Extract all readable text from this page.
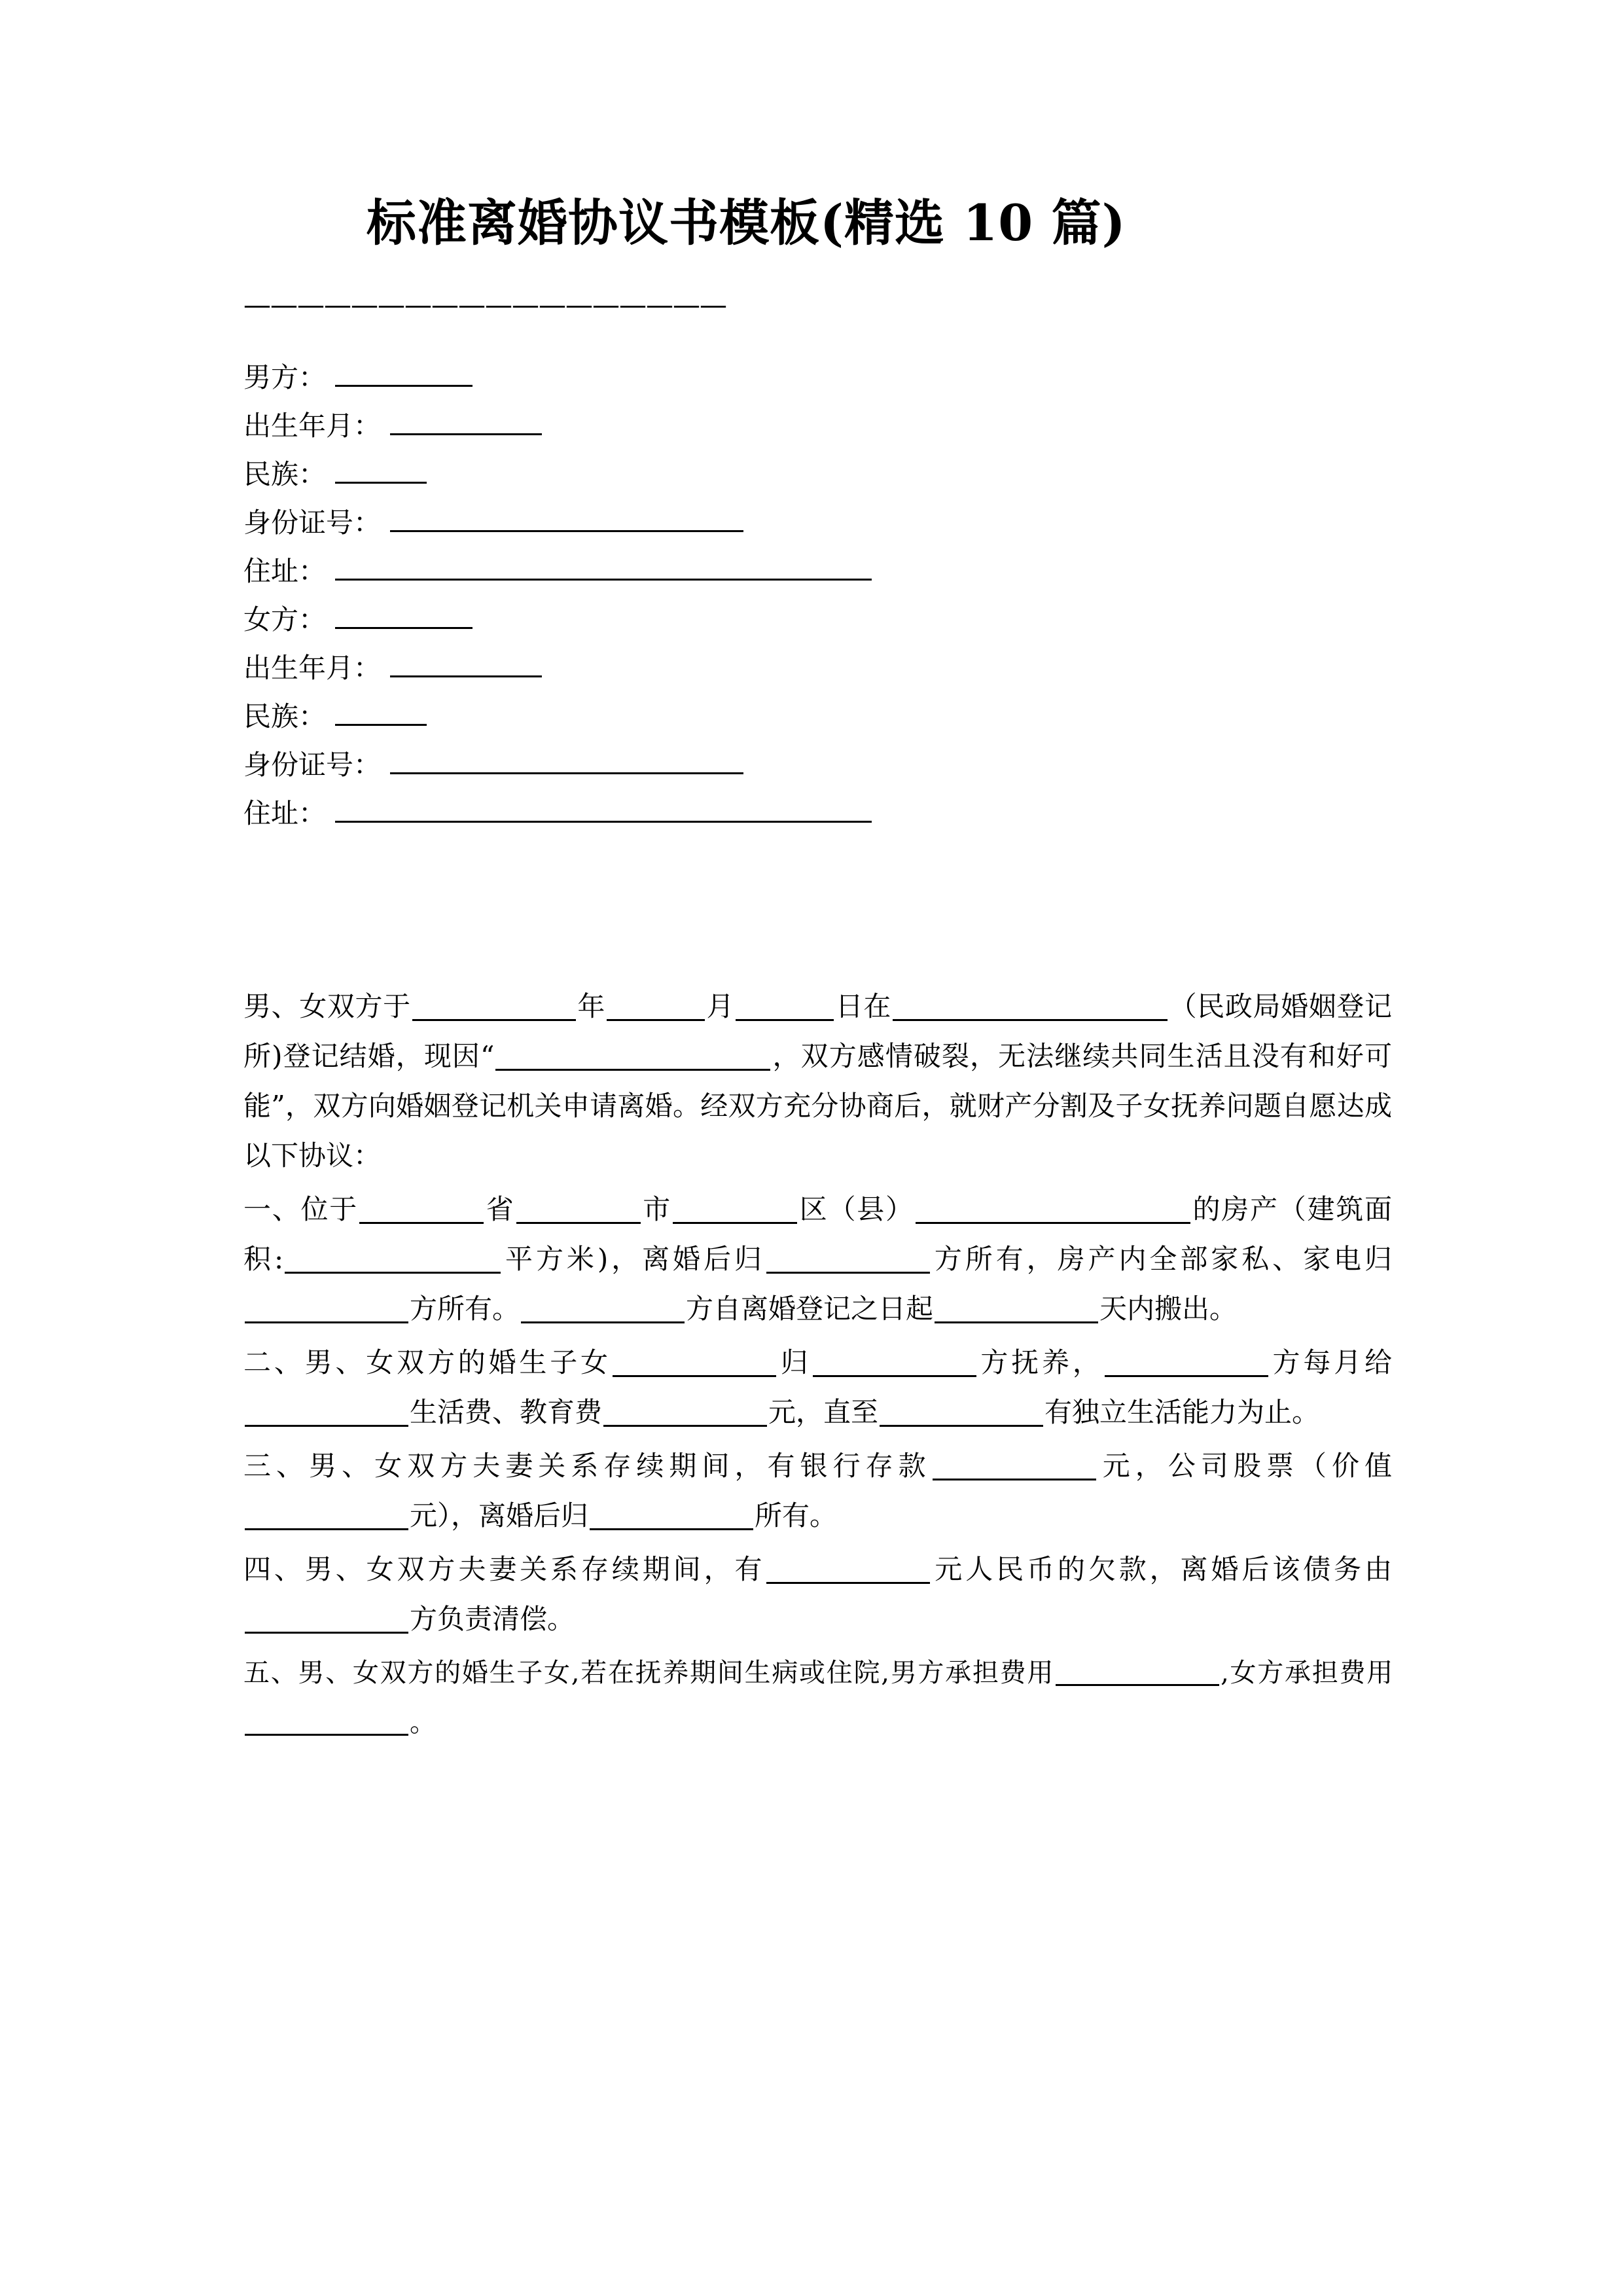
标准离婚协议书模板(精选 10 篇)
——————————————————
男方：
出生年月：
民族：
身份证号：
住址：
女方：
出生年月：
民族：
身份证号：
住址：

男、女双方于	年	月	日在	（民政局婚姻登记所)登记结婚，现因“	，双方感情破裂，无法继续共同生活且没有和好可能”，双方向婚姻登记机关申请离婚。经双方充分协商后，就财产分割及子女抚养问题自愿达成以下协议：

一、位于	省	市	区（县）	的房产（建筑面积:	平方米)，离婚后归	方所有，房产内全部家私、家电归方所有。	方自离婚登记之日起	天内搬出。

二、男、女双方的婚生子女	归	方抚养，	方每月给生活费、教育费	元，直至	有独立生活能力为止。

三、男、女双方夫妻关系存续期间，有银行存款	元，公司股票（价值元），离婚后归	所有。

四、男、女双方夫妻关系存续期间，有	元人民币的欠款，离婚后该债务由方负责清偿。

五、男、女双方的婚生子女,若在抚养期间生病或住院,男方承担费用	,女方承担费用。
